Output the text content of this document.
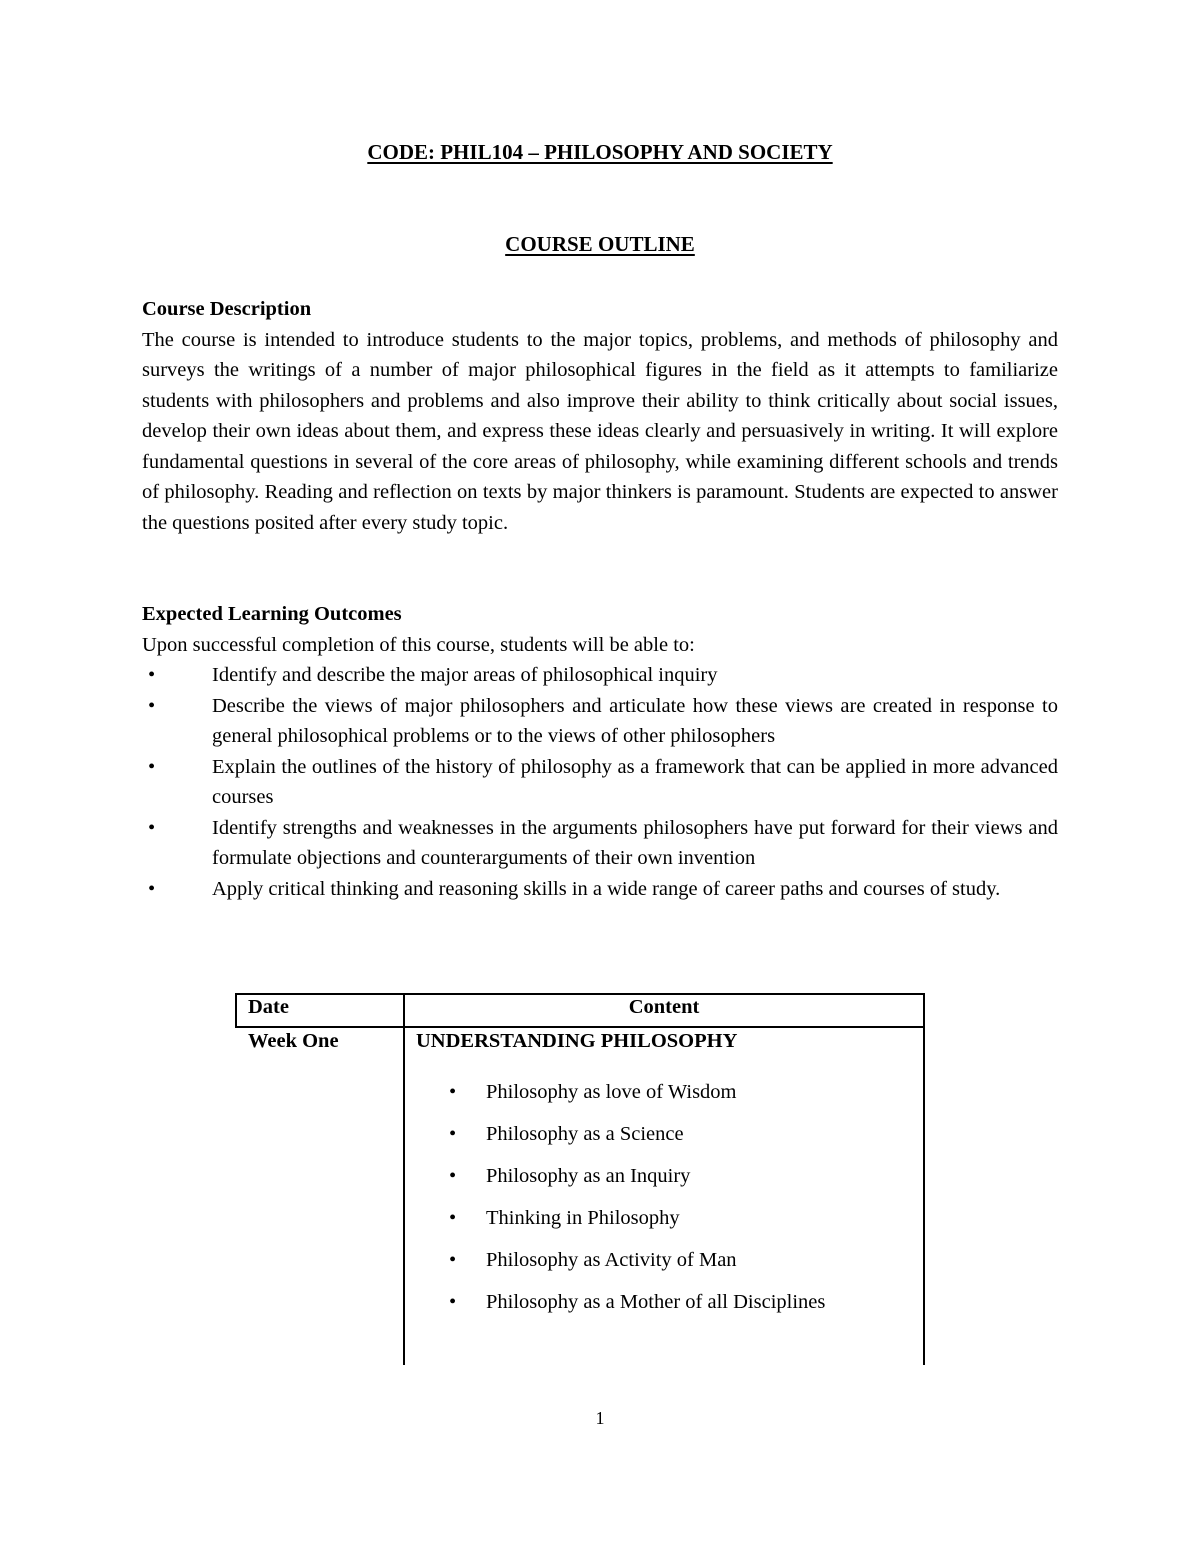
CODE: PHIL104 – PHILOSOPHY AND SOCIETY
COURSE OUTLINE
Course Description
The course is intended to introduce students to the major topics, problems, and methods of philosophy and surveys the writings of a number of major philosophical figures in the field as it attempts to familiarize students with philosophers and problems and also improve their ability to think critically about social issues, develop their own ideas about them, and express these ideas clearly and persuasively in writing. It will explore fundamental questions in several of the core areas of philosophy, while examining different schools and trends of philosophy. Reading and reflection on texts by major thinkers is paramount. Students are expected to answer the questions posited after every study topic.
Expected Learning Outcomes
Upon successful completion of this course, students will be able to:
•	Identify and describe the major areas of philosophical inquiry
•	Describe the views of major philosophers and articulate how these views are created in response to general philosophical problems or to the views of other philosophers
•	Explain the outlines of the history of philosophy as a framework that can be applied in more advanced courses
•	Identify strengths and weaknesses in the arguments philosophers have put forward for their views and formulate objections and counterarguments of their own invention
•	Apply critical thinking and reasoning skills in a wide range of career paths and courses of study.
Date	Content
Week One	UNDERSTANDING PHILOSOPHY
• Philosophy as love of Wisdom
• Philosophy as a Science
• Philosophy as an Inquiry
• Thinking in Philosophy
• Philosophy as Activity of Man
• Philosophy as a Mother of all Disciplines
1
